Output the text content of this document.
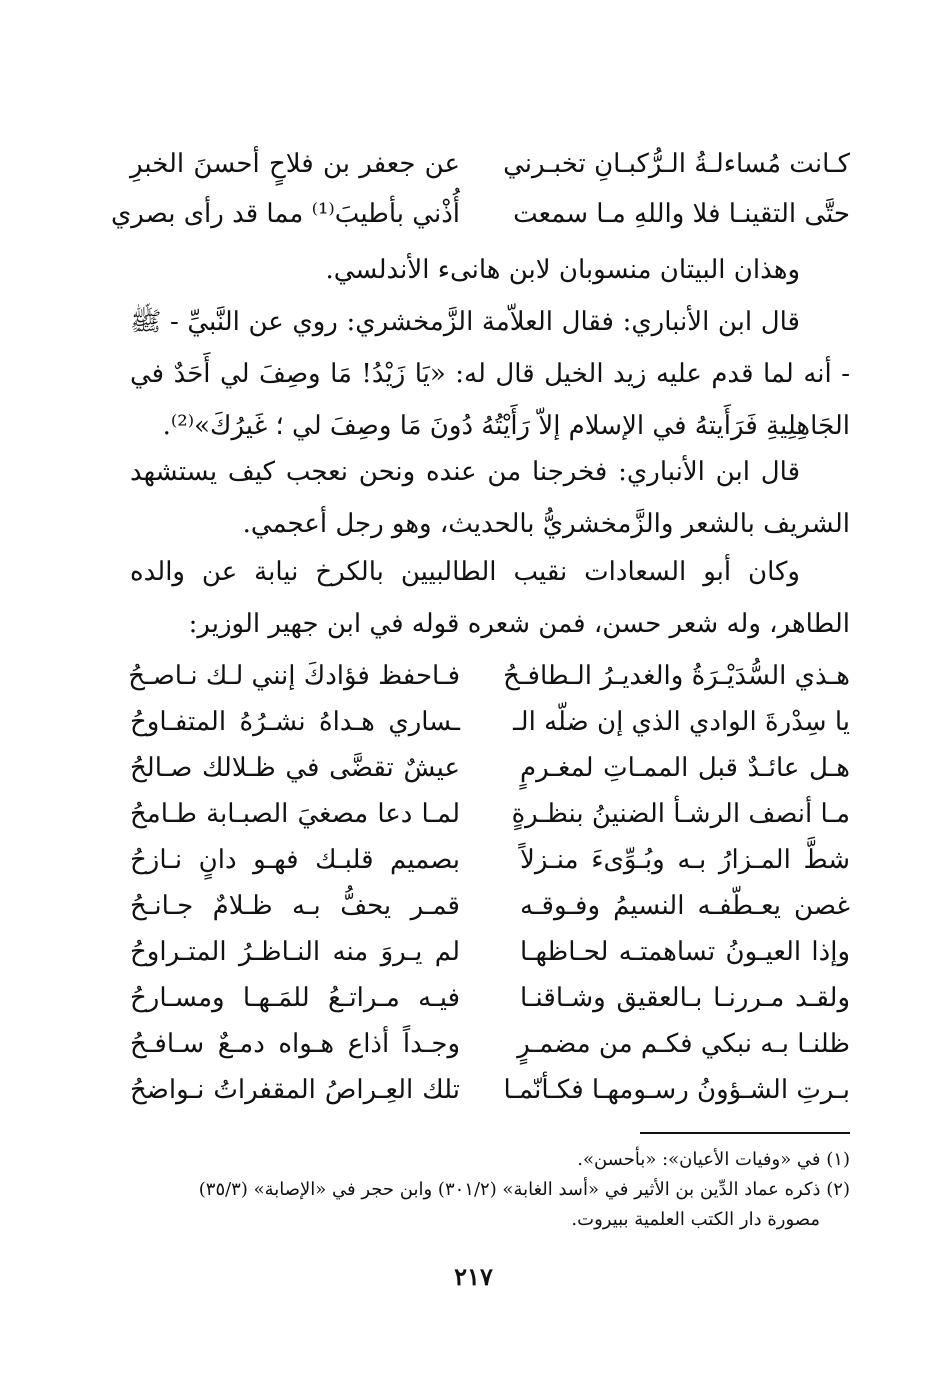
كـانت مُساءلـةُ الـرُّكبـانِ تخبـرني
عن جعفر بن فلاحٍ أحسنَ الخبرِ
حتَّى التقينـا فلا واللهِ مـا سمعت
أُذْني بأطيبَ⁽¹⁾ مما قد رأى بصري

وهذان البيتان منسوبان لابن هانىء الأندلسي.

قال ابن الأنباري: فقال العلاّمة الزَّمخشري: روي عن النَّبيِّ - ﷺ - أنه لما قدم عليه زيد الخيل قال له: «يَا زَيْدُ! مَا وصِفَ لي أَحَدٌ في الجَاهِلِيةِ فَرَأَيتهُ في الإسلام إلاّ رَأَيْتُهُ دُونَ مَا وصِفَ لي ؛ غَيرُكَ»⁽²⁾.

قال ابن الأنباري: فخرجنا من عنده ونحن نعجب كيف يستشهد الشريف بالشعر والزَّمخشريُّ بالحديث، وهو رجل أعجمي.

وكان أبو السعادات نقيب الطالبيين بالكرخ نيابة عن والده الطاهر، وله شعر حسن، فمن شعره قوله في ابن جهير الوزير:

هـذي السُّدَيْـرَةُ والغديـرُ الـطافـحُ
فـاحفظ فؤادكَ إنني لـك نـاصـحُ
يا سِدْرةَ الوادي الذي إن ضلّه الـ
ـساري هـداهُ نشـرُهُ المتفـاوحُ
هـل عائـدٌ قبل الممـاتِ لمغـرمٍ
عيشٌ تقضَّى في ظـلالك صـالحُ
مـا أنصف الرشـأ الضنينُ بنظـرةٍ
لمـا دعا مصغيَ الصبـابة طـامحُ
شطَّ المـزارُ بـه وبُـوِّىءَ منـزلاً
بصميم قلبـك فهـو دانٍ نـازحُ
غصن يعـطّفـه النسيمُ وفـوقـه
قمـر يحفُّ بـه ظـلامٌ جـانـحُ
وإذا العيـونُ تساهمتـه لحـاظهـا
لم يـروَ منه النـاظـرُ المتـراوحُ
ولقـد مـررنـا بـالعقيق وشـاقنـا
فيـه مـراتـعُ للمَـهـا ومسـارحُ
ظلنـا بـه نبكي فكـم من مضمـرٍ
وجـداً أذاع هـواه دمـعٌ سـافـحُ
بـرتِ الشـؤونُ رسـومهـا فكـأنّمـا
تلك العِـراصُ المقفراتُ نـواضحُ

(١) في «وفيات الأعيان»: «بأحسن».

(٢) ذكره عماد الدِّين بن الأثير في «أسد الغابة» (٣٠١/٢) وابن حجر في «الإصابة» (٣٥/٣)

مصورة دار الكتب العلمية ببيروت.

٢١٧
